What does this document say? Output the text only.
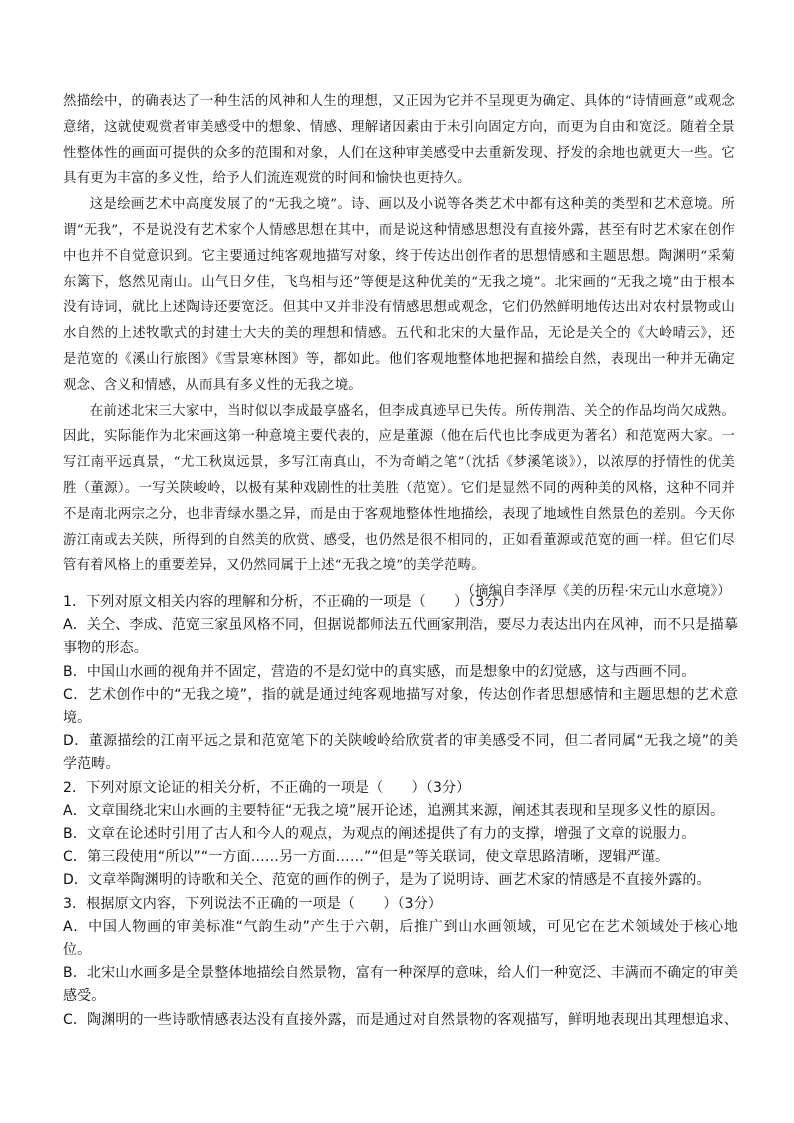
然描绘中，的确表达了一种生活的风神和人生的理想，又正因为它并不呈现更为确定、具体的“诗情画意”或观念意绪，这就使观赏者审美感受中的想象、情感、理解诸因素由于未引向固定方向，而更为自由和宽泛。随着全景性整体性的画面可提供的众多的范围和对象，人们在这种审美感受中去重新发现、抒发的余地也就更大一些。它具有更为丰富的多义性，给予人们流连观赏的时间和愉快也更持久。

这是绘画艺术中高度发展了的“无我之境”。诗、画以及小说等各类艺术中都有这种美的类型和艺术意境。所谓“无我”，不是说没有艺术家个人情感思想在其中，而是说这种情感思想没有直接外露，甚至有时艺术家在创作中也并不自觉意识到。它主要通过纯客观地描写对象，终于传达出创作者的思想情感和主题思想。陶渊明“采菊东篱下，悠然见南山。山气日夕佳，飞鸟相与还”等便是这种优美的“无我之境”。北宋画的“无我之境”由于根本没有诗词，就比上述陶诗还要宽泛。但其中又并非没有情感思想或观念，它们仍然鲜明地传达出对农村景物或山水自然的上述牧歌式的封建士大夫的美的理想和情感。五代和北宋的大量作品，无论是关仝的《大岭晴云》，还是范宽的《溪山行旅图》《雪景寒林图》等，都如此。他们客观地整体地把握和描绘自然，表现出一种并无确定观念、含义和情感，从而具有多义性的无我之境。

在前述北宋三大家中，当时似以李成最享盛名，但李成真迹早已失传。所传荆浩、关仝的作品均尚欠成熟。因此，实际能作为北宋画这第一种意境主要代表的，应是董源（他在后代也比李成更为著名）和范宽两大家。一写江南平远真景，“尤工秋岚远景，多写江南真山，不为奇峭之笔”（沈括《梦溪笔谈》），以浓厚的抒情性的优美胜（董源）。一写关陕峻岭，以极有某种戏剧性的壮美胜（范宽）。它们是显然不同的两种美的风格，这种不同并不是南北两宗之分，也非青绿水墨之异，而是由于客观地整体性地描绘，表现了地域性自然景色的差别。今天你游江南或去关陕，所得到的自然美的欣赏、感受，也仍然是很不相同的，正如看董源或范宽的画一样。但它们尽管有着风格上的重要差异，又仍然同属于上述“无我之境”的美学范畴。

（摘编自李泽厚《美的历程·宋元山水意境》）

1．下列对原文相关内容的理解和分析，不正确的一项是（　　）（3分）

A．关仝、李成、范宽三家虽风格不同，但据说都师法五代画家荆浩，要尽力表达出内在风神，而不只是描摹事物的形态。

B．中国山水画的视角并不固定，营造的不是幻觉中的真实感，而是想象中的幻觉感，这与西画不同。

C．艺术创作中的“无我之境”，指的就是通过纯客观地描写对象，传达创作者思想感情和主题思想的艺术意境。

D．董源描绘的江南平远之景和范宽笔下的关陕峻岭给欣赏者的审美感受不同，但二者同属“无我之境”的美学范畴。

2．下列对原文论证的相关分析，不正确的一项是（　　）（3分）

A．文章围绕北宋山水画的主要特征“无我之境”展开论述，追溯其来源，阐述其表现和呈现多义性的原因。

B．文章在论述时引用了古人和今人的观点，为观点的阐述提供了有力的支撑，增强了文章的说服力。

C．第三段使用“所以”“一方面……另一方面……”“但是”等关联词，使文章思路清晰，逻辑严谨。

D．文章举陶渊明的诗歌和关仝、范宽的画作的例子，是为了说明诗、画艺术家的情感是不直接外露的。

3．根据原文内容，下列说法不正确的一项是（　　）（3分）

A．中国人物画的审美标准“气韵生动”产生于六朝，后推广到山水画领域，可见它在艺术领域处于核心地位。

B．北宋山水画多是全景整体地描绘自然景物，富有一种深厚的意味，给人们一种宽泛、丰满而不确定的审美感受。

C．陶渊明的一些诗歌情感表达没有直接外露，而是通过对自然景物的客观描写，鲜明地表现出其理想追求、
